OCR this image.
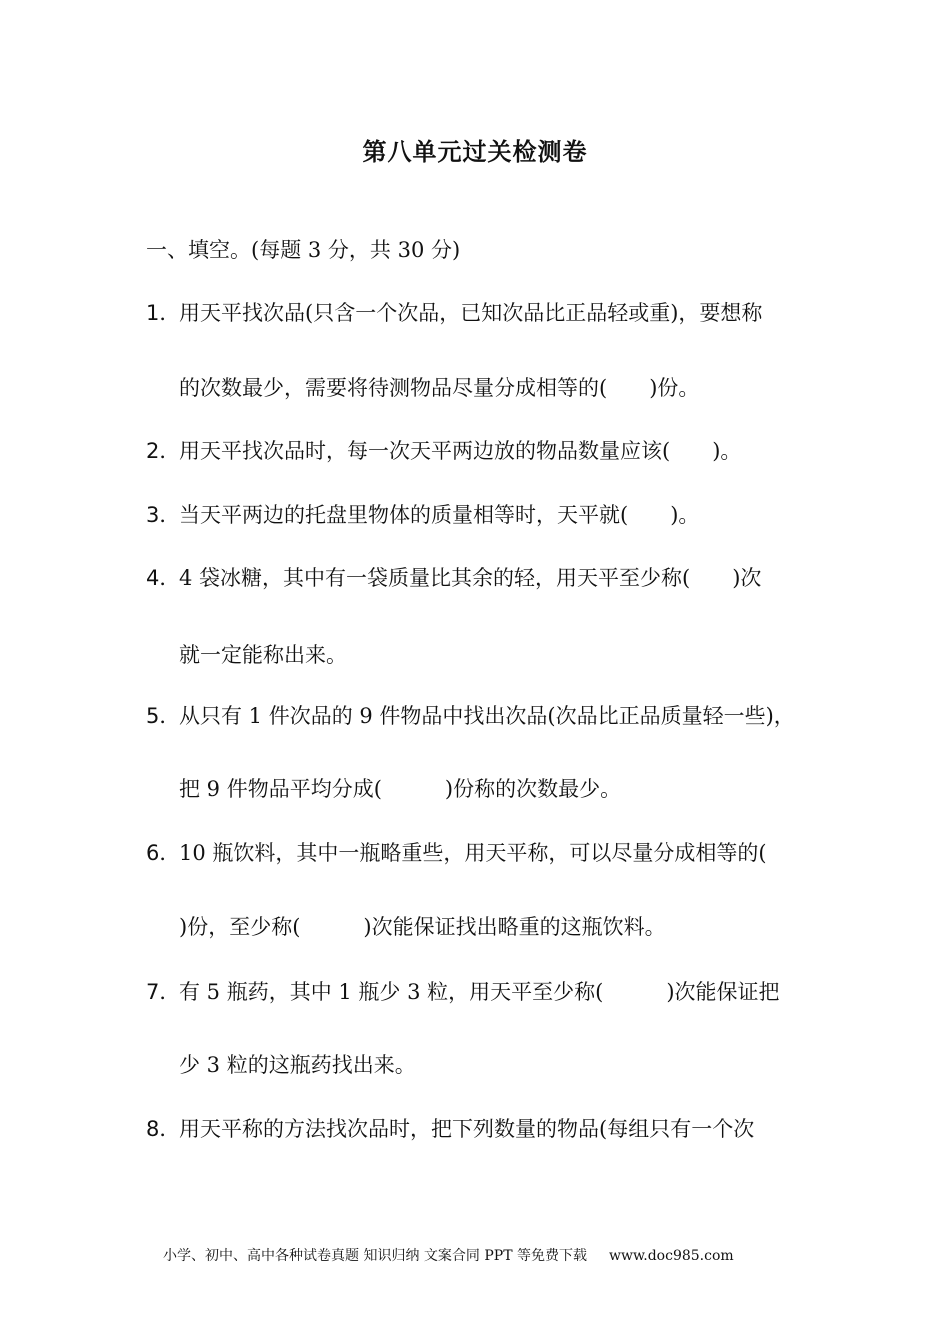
第八单元过关检测卷
一、填空。(每题 3 分，共 30 分)
1．用天平找次品(只含一个次品，已知次品比正品轻或重)，要想称
的次数最少，需要将待测物品尽量分成相等的(　　)份。
2．用天平找次品时，每一次天平两边放的物品数量应该(　　)。
3．当天平两边的托盘里物体的质量相等时，天平就(　　)。
4．4 袋冰糖，其中有一袋质量比其余的轻，用天平至少称(　　)次
就一定能称出来。
5．从只有 1 件次品的 9 件物品中找出次品(次品比正品质量轻一些)，
把 9 件物品平均分成(　　　)份称的次数最少。
6．10 瓶饮料，其中一瓶略重些，用天平称，可以尽量分成相等的(
)份，至少称(　　　)次能保证找出略重的这瓶饮料。
7．有 5 瓶药，其中 1 瓶少 3 粒，用天平至少称(　　　)次能保证把
少 3 粒的这瓶药找出来。
8．用天平称的方法找次品时，把下列数量的物品(每组只有一个次
小学、初中、高中各种试卷真题 知识归纳 文案合同 PPT 等免费下载 www.doc985.com
